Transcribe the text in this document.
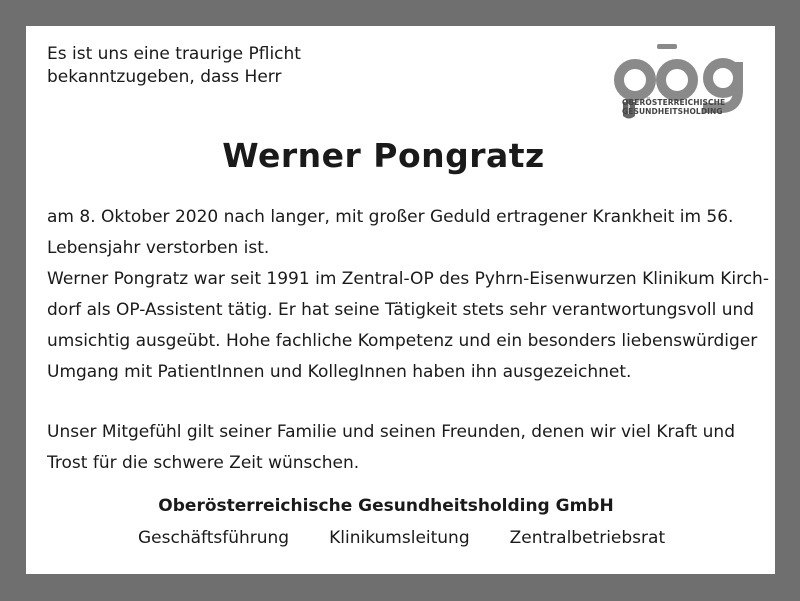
Es ist uns eine traurige Pflicht
bekanntzugeben, dass Herr

OBERÖSTERREICHISCHE
GESUNDHEITSHOLDING
Werner Pongratz
am 8. Oktober 2020 nach langer, mit großer Geduld ertragener Krankheit im 56.
Lebensjahr verstorben ist.
Werner Pongratz war seit 1991 im Zentral-OP des Pyhrn-Eisenwurzen Klinikum Kirch-
dorf als OP-Assistent tätig. Er hat seine Tätigkeit stets sehr verantwortungsvoll und
umsichtig ausgeübt. Hohe fachliche Kompetenz und ein besonders liebenswürdiger
Umgang mit PatientInnen und KollegInnen haben ihn ausgezeichnet.
Unser Mitgefühl gilt seiner Familie und seinen Freunden, denen wir viel Kraft und
Trost für die schwere Zeit wünschen.

Oberösterreichische Gesundheitsholding GmbH

Geschäftsführung Klinikumsleitung Zentralbetriebsrat
